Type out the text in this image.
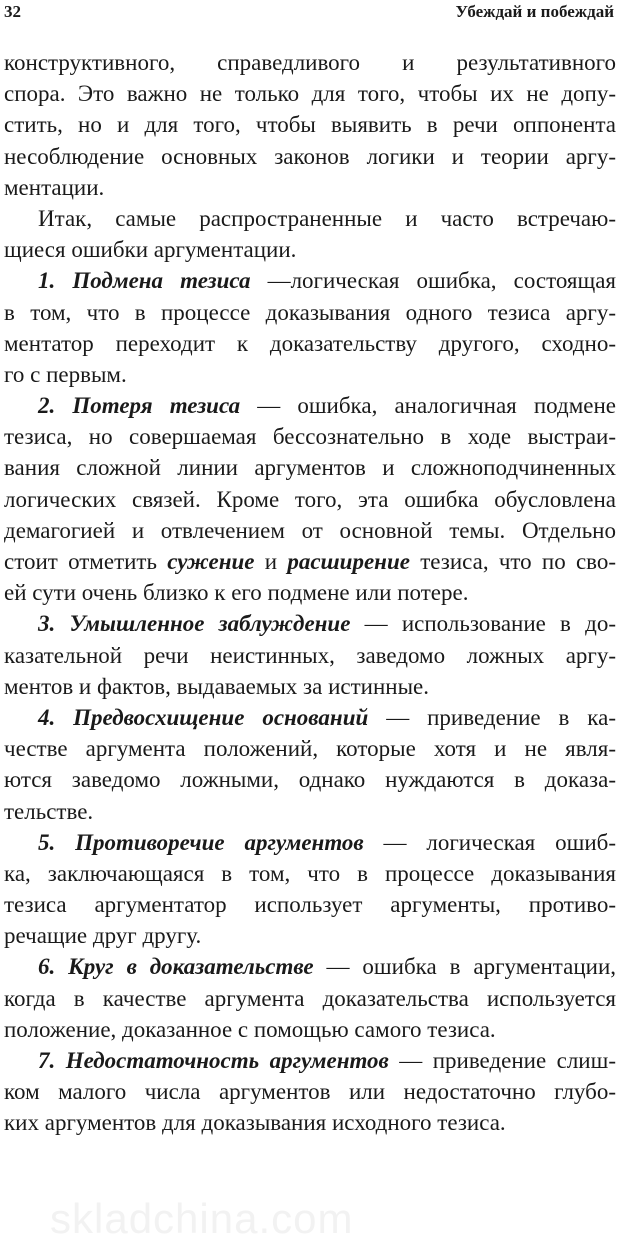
32	Убеждай и побеждай
конструктивного,     справедливого     и     результативного
спора. Это важно не только для того, чтобы их не допу-
стить, но и для того, чтобы выявить в речи оппонента
несоблюдение основных законов логики и теории аргу-
ментации.
Итак, самые распространенные и часто встречаю-
щиеся ошибки аргументации.
1. Подмена тезиса —логическая ошибка, состоящая
в том, что в процессе доказывания одного тезиса аргу-
ментатор переходит к доказательству другого, сходно-
го с первым.
2. Потеря тезиса — ошибка, аналогичная подмене
тезиса, но совершаемая бессознательно в ходе выстраи-
вания сложной линии аргументов и сложноподчиненных
логических связей. Кроме того, эта ошибка обусловлена
демагогией и отвлечением от основной темы. Отдельно
стоит отметить сужение и расширение тезиса, что по сво-
ей сути очень близко к его подмене или потере.
3. Умышленное заблуждение — использование в до-
казательной речи неистинных, заведомо ложных аргу-
ментов и фактов, выдаваемых за истинные.
4. Предвосхищение оснований — приведение в ка-
честве аргумента положений, которые хотя и не явля-
ются заведомо ложными, однако нуждаются в доказа-
тельстве.
5. Противоречие аргументов — логическая ошиб-
ка, заключающаяся в том, что в процессе доказывания
тезиса аргументатор использует аргументы, противо-
речащие друг другу.
6. Круг в доказательстве — ошибка в аргументации,
когда в качестве аргумента доказательства используется
положение, доказанное с помощью самого тезиса.
7. Недостаточность аргументов — приведение слиш-
ком малого числа аргументов или недостаточно глубо-
ких аргументов для доказывания исходного тезиса.
skladchina.com
